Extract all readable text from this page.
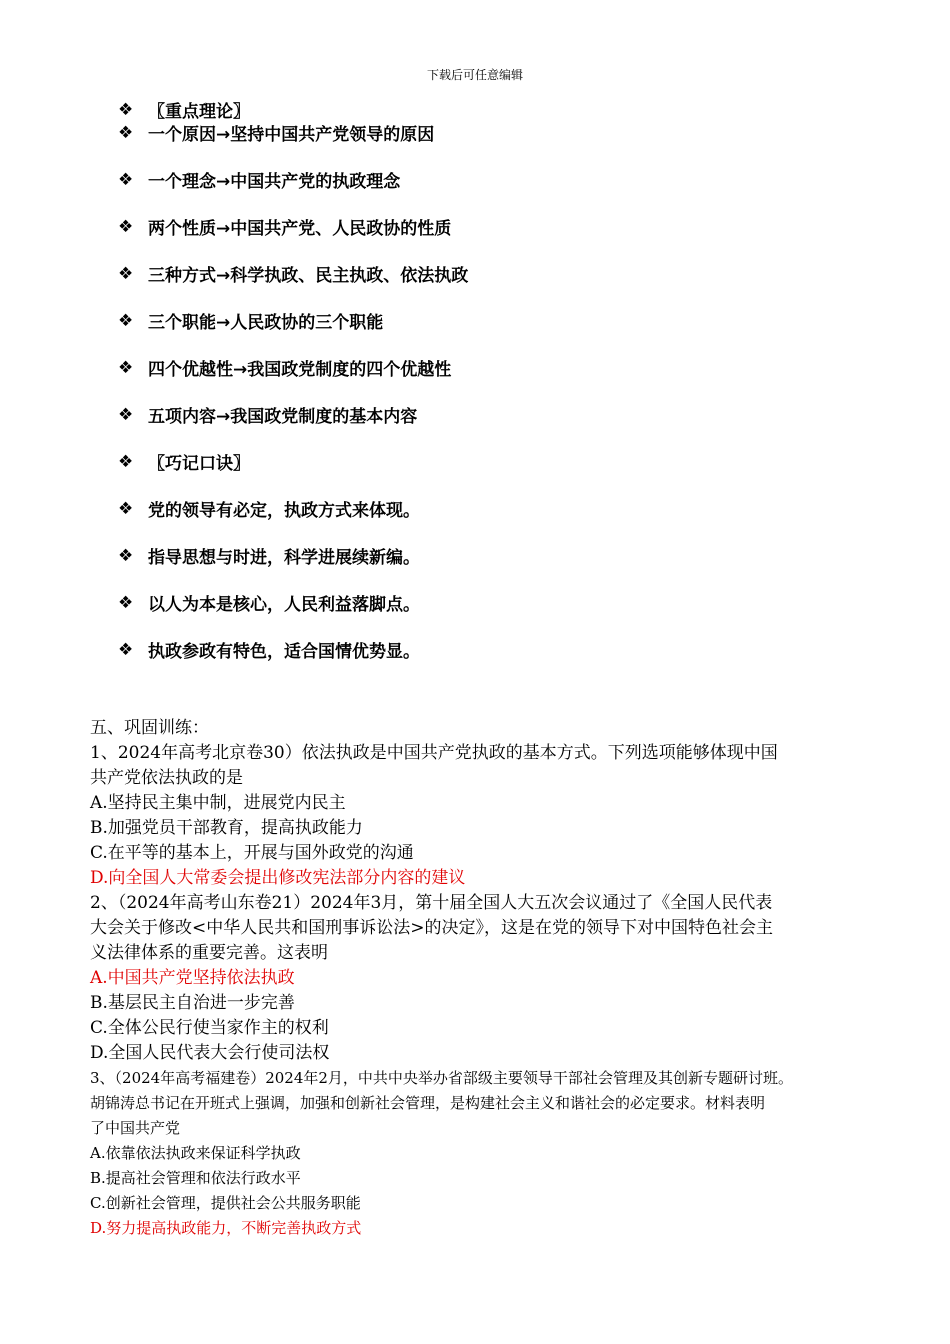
下载后可任意编辑
❖ 〖重点理论〗
❖ 一个原因→坚持中国共产党领导的原因
❖ 一个理念→中国共产党的执政理念
❖ 两个性质→中国共产党、人民政协的性质
❖ 三种方式→科学执政、民主执政、依法执政
❖ 三个职能→人民政协的三个职能
❖ 四个优越性→我国政党制度的四个优越性
❖ 五项内容→我国政党制度的基本内容
❖ 〖巧记口诀〗
❖ 党的领导有必定，执政方式来体现。
❖ 指导思想与时进，科学进展续新编。
❖ 以人为本是核心，人民利益落脚点。
❖ 执政参政有特色，适合国情优势显。
五、巩固训练：
1、2024年高考北京卷30）依法执政是中国共产党执政的基本方式。下列选项能够体现中国
共产党依法执政的是
A.坚持民主集中制，进展党内民主
B.加强党员干部教育，提高执政能力
C.在平等的基本上，开展与国外政党的沟通
D.向全国人大常委会提出修改宪法部分内容的建议
2、（2024年高考山东卷21）2024年3月，第十届全国人大五次会议通过了《全国人民代表
大会关于修改<中华人民共和国刑事诉讼法>的决定》，这是在党的领导下对中国特色社会主
义法律体系的重要完善。这表明
A.中国共产党坚持依法执政
B.基层民主自治进一步完善
C.全体公民行使当家作主的权利
D.全国人民代表大会行使司法权
3、（2024年高考福建卷）2024年2月，中共中央举办省部级主要领导干部社会管理及其创新专题研讨班。
胡锦涛总书记在开班式上强调，加强和创新社会管理，是构建社会主义和谐社会的必定要求。材料表明
了中国共产党
A.依靠依法执政来保证科学执政
B.提高社会管理和依法行政水平
C.创新社会管理，提供社会公共服务职能
D.努力提高执政能力，不断完善执政方式
